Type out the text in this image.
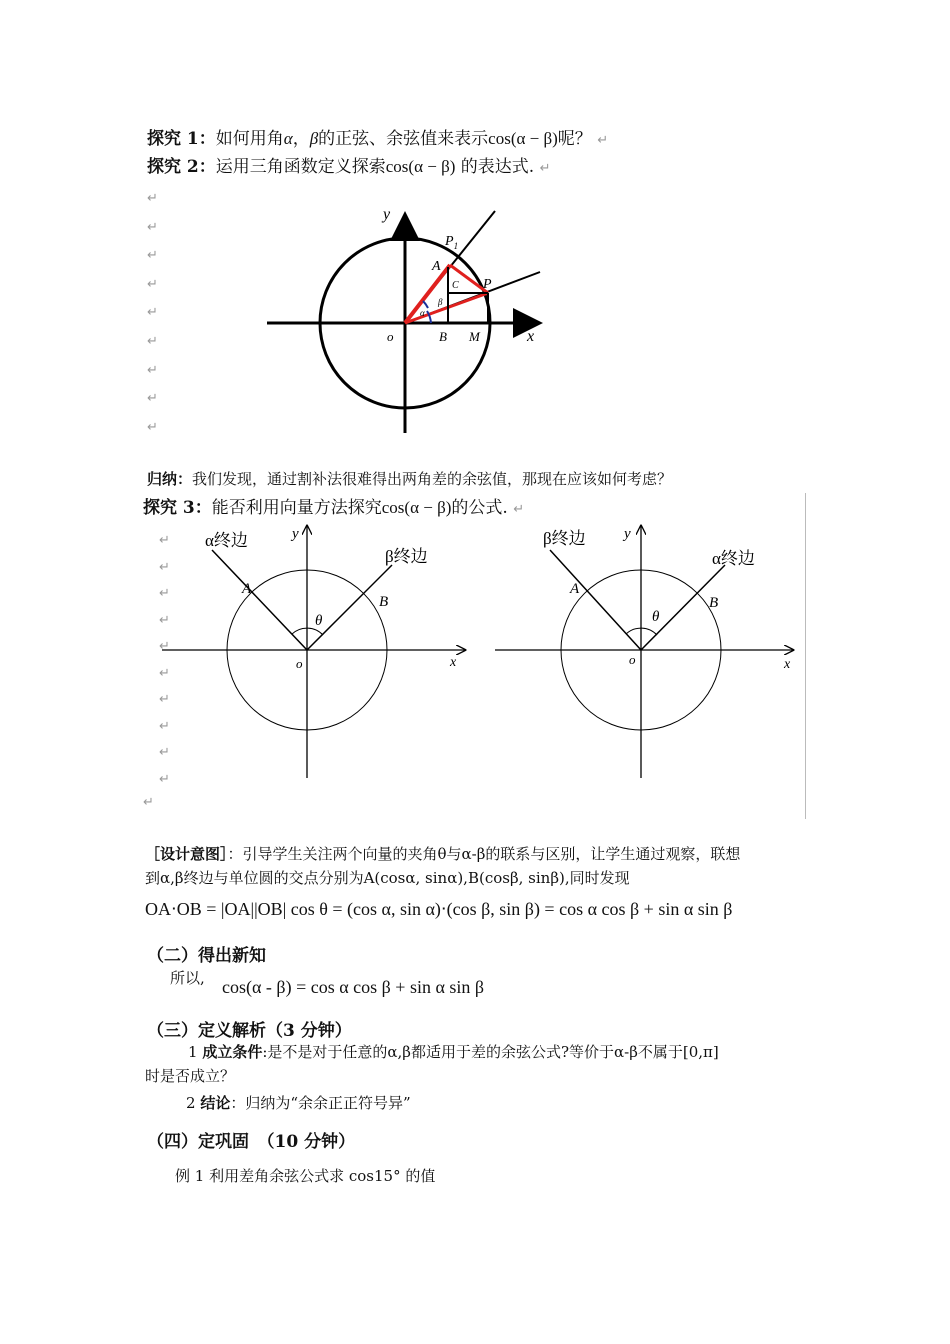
探究 1：如何用角α，β的正弦、余弦值来表示cos(α − β)呢？ ↵
探究 2：运用三角函数定义探索cos(α − β) 的表达式. ↵
↵
↵
↵
↵
↵
↵
↵
↵
↵
y
x
o
$P_1$
A
P
C
B M
β
α
归纳：我们发现，通过割补法很难得出两角差的余弦值，那现在应该如何考虑？
探究 3：能否利用向量方法探究cos(α − β)的公式. ↵
↵
↵
↵
↵
↵
↵
↵
↵
↵
↵
↵
α终边
β终边
A
B
y
x
o
θ
β终边
α终边
A
B
y
x
o
θ
［设计意图］：引导学生关注两个向量的夹角θ与α-β的联系与区别，让学生通过观察，联想
到α,β终边与单位圆的交点分别为A(cosα, sinα),B(cosβ, sinβ),同时发现
OA⋅OB = |OA||OB| cos θ = (cos α, sin α)⋅(cos β, sin β) = cos α cos β + sin α sin β
（二）得出新知
所以, cos(α - β) = cos α cos β + sin α sin β
（三）定义解析（3 分钟）
1 成立条件:是不是对于任意的α,β都适用于差的余弦公式?等价于α-β不属于[0,π]
时是否成立？
2 结论：归纳为“余余正正符号异”
（四）定巩固　（10 分钟）
例 1 利用差角余弦公式求 cos15° 的值
